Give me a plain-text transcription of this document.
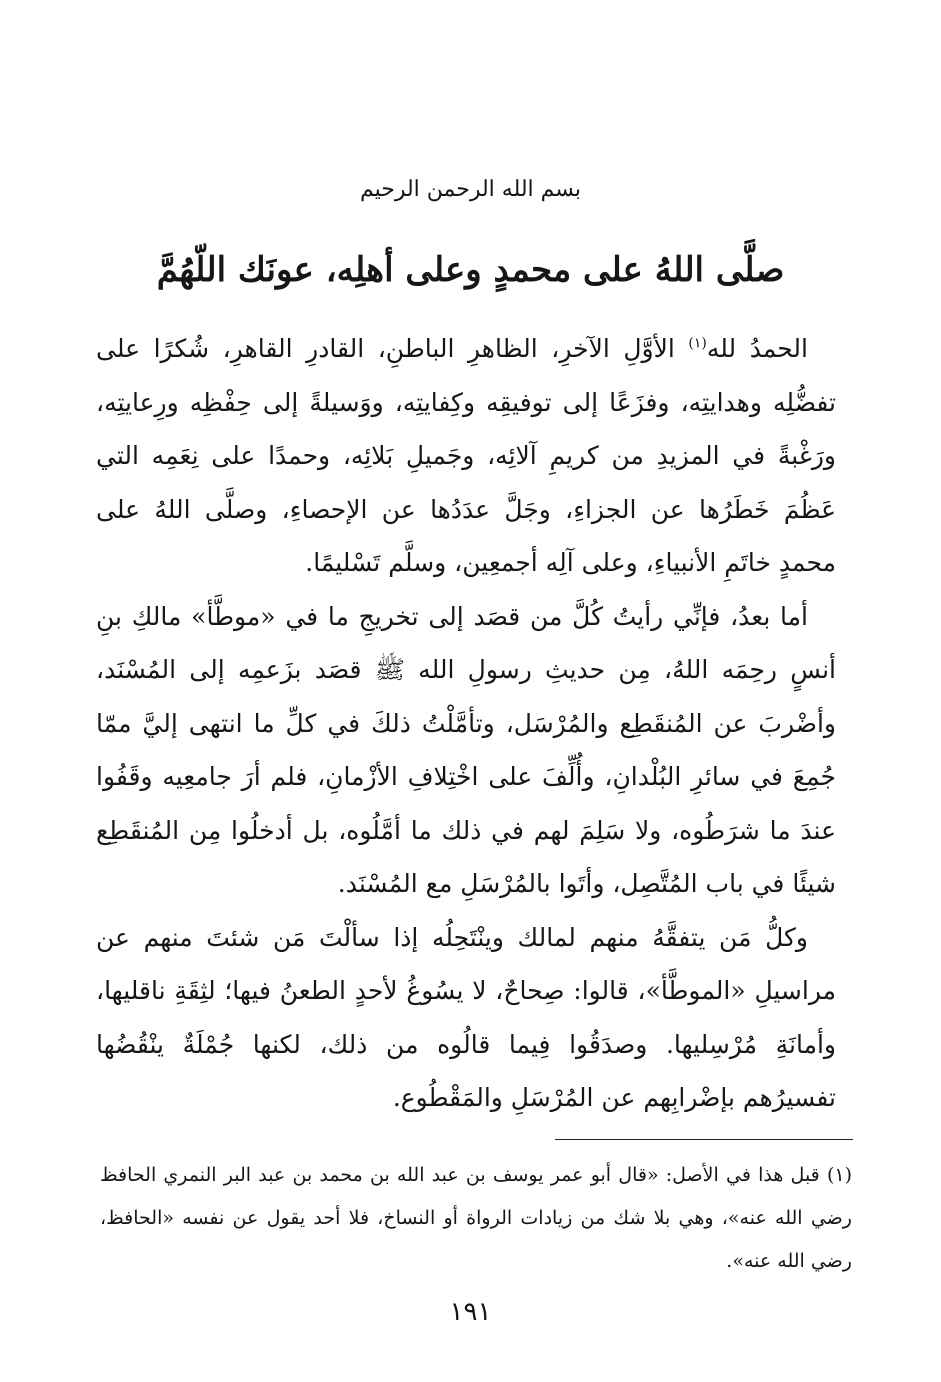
بسم الله الرحمن الرحيم
صلَّى اللهُ على محمدٍ وعلى أهلِه، عونَك اللّهُمَّ

الحمدُ لله$^{(١)}$ الأوَّلِ الآخرِ، الظاهرِ الباطنِ، القادرِ القاهرِ، شُكرًا على تفضُّلِه وهدايتِه، وفزَعًا إلى توفيقِه وكِفايتِه، ووَسيلةً إلى حِفْظِه ورِعايتِه، ورَغْبةً في المزيدِ من كريمِ آلائِه، وجَميلِ بَلائِه، وحمدًا على نِعَمِه التي عَظُمَ خَطَرُها عن الجزاءِ، وجَلَّ عدَدُها عن الإحصاءِ، وصلَّى اللهُ على محمدٍ خاتَمِ الأنبياءِ، وعلى آلِه أجمعِين، وسلَّم تَسْليمًا.

أما بعدُ، فإنِّي رأيتُ كُلَّ من قصَد إلى تخريجِ ما في «موطَّأ» مالكِ بنِ أنسٍ رحِمَه اللهُ، مِن حديثِ رسولِ الله ﷺ قصَد بزَعمِه إلى المُسْنَد، وأضْربَ عن المُنقَطِع والمُرْسَل، وتأمَّلْتُ ذلكَ في كلِّ ما انتهى إليَّ ممّا جُمِعَ في سائرِ البُلْدانِ، وأُلِّفَ على اخْتِلافِ الأزْمانِ، فلم أرَ جامعِيه وقَفُوا عندَ ما شرَطُوه، ولا سَلِمَ لهم في ذلك ما أمَّلُوه، بل أدخلُوا مِن المُنقَطِع شيئًا في باب المُتَّصِل، وأتَوا بالمُرْسَلِ مع المُسْنَد.

وكلُّ مَن يتفقَّهُ منهم لمالك وينْتَحِلُه إذا سألْتَ مَن شئتَ منهم عن مراسيلِ «الموطَّأ»، قالوا: صِحاحٌ، لا يسُوغُ لأحدٍ الطعنُ فيها؛ لثِقَةِ ناقليها، وأمانَةِ مُرْسِليها. وصدَقُوا فِيما قالُوه من ذلك، لكنها جُمْلَةٌ ينْقُضُها تفسيرُهم بإضْرابِهم عن المُرْسَلِ والمَقْطُوع.

(١) قبل هذا في الأصل: «قال أبو عمر يوسف بن عبد الله بن محمد بن عبد البر النمري الحافظ رضي الله عنه»، وهي بلا شك من زيادات الرواة أو النساخ، فلا أحد يقول عن نفسه «الحافظ، رضي الله عنه».

١٩١
